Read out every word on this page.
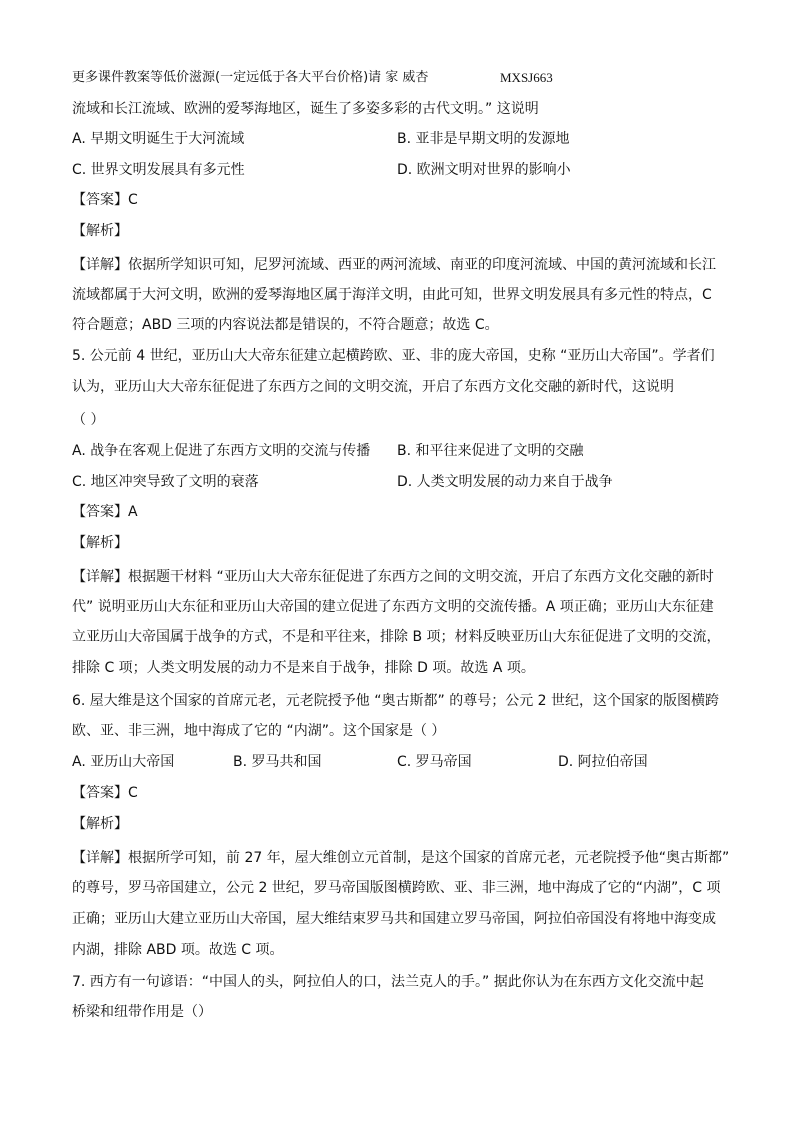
更多课件教案等低价滋源(一定远低于各大平台价格)请 家 威杏	MXSJ663
流域和长江流域、欧洲的爱琴海地区，诞生了多姿多彩的古代文明。” 这说明
A. 早期文明诞生于大河流域	B. 亚非是早期文明的发源地
C. 世界文明发展具有多元性	D. 欧洲文明对世界的影响小
【答案】C
【解析】
【详解】依据所学知识可知，尼罗河流域、西亚的两河流域、南亚的印度河流域、中国的黄河流域和长江
流域都属于大河文明，欧洲的爱琴海地区属于海洋文明，由此可知，世界文明发展具有多元性的特点，C
符合题意；ABD 三项的内容说法都是错误的，不符合题意；故选 C。
5. 公元前 4 世纪，亚历山大大帝东征建立起横跨欧、亚、非的庞大帝国，史称 “亚历山大帝国”。学者们
认为，亚历山大大帝东征促进了东西方之间的文明交流，开启了东西方文化交融的新时代，这说明
（ ）
A. 战争在客观上促进了东西方文明的交流与传播 B. 和平往来促进了文明的交融
C. 地区冲突导致了文明的衰落	D. 人类文明发展的动力来自于战争
【答案】A
【解析】
【详解】根据题干材料 “亚历山大大帝东征促进了东西方之间的文明交流，开启了东西方文化交融的新时
代” 说明亚历山大东征和亚历山大帝国的建立促进了东西方文明的交流传播。A 项正确；亚历山大东征建
立亚历山大帝国属于战争的方式，不是和平往来，排除 B 项；材料反映亚历山大东征促进了文明的交流，
排除 C 项；人类文明发展的动力不是来自于战争，排除 D 项。故选 A 项。
6. 屋大维是这个国家的首席元老，元老院授予他 “奥古斯都” 的尊号；公元 2 世纪，这个国家的版图横跨
欧、亚、非三洲，地中海成了它的 “内湖”。这个国家是（ ）
A. 亚历山大帝国	B. 罗马共和国	C. 罗马帝国	D. 阿拉伯帝国
【答案】C
【解析】
【详解】根据所学可知，前 27 年，屋大维创立元首制，是这个国家的首席元老，元老院授予他“奥古斯都”
的尊号，罗马帝国建立，公元 2 世纪，罗马帝国版图横跨欧、亚、非三洲，地中海成了它的“内湖”，C 项
正确；亚历山大建立亚历山大帝国，屋大维结束罗马共和国建立罗马帝国，阿拉伯帝国没有将地中海变成
内湖，排除 ABD 项。故选 C 项。
7. 西方有一句谚语：“中国人的头，阿拉伯人的口，法兰克人的手。” 据此你认为在东西方文化交流中起
桥梁和纽带作用是（）
